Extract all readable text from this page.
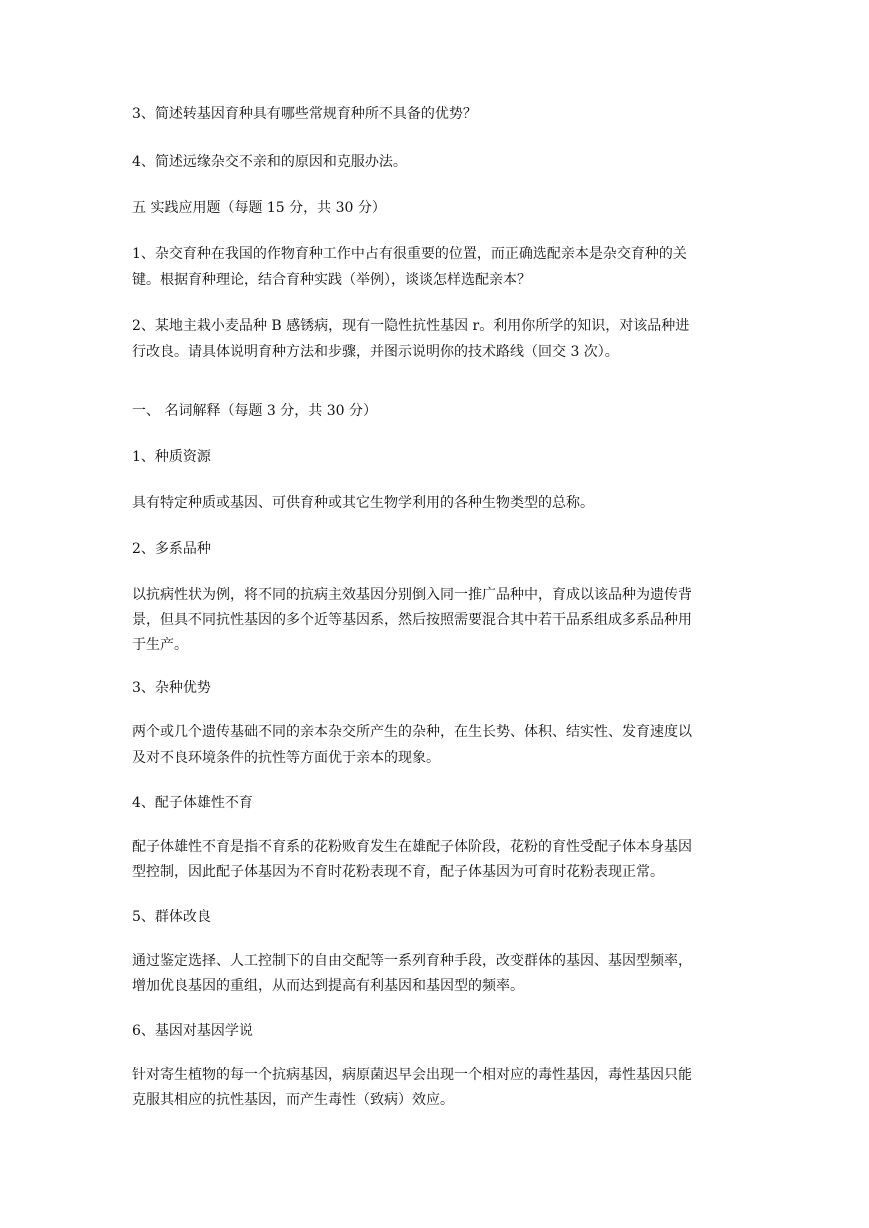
3、简述转基因育种具有哪些常规育种所不具备的优势？

4、简述远缘杂交不亲和的原因和克服办法。

五 实践应用题（每题 15 分，共 30 分）

1、杂交育种在我国的作物育种工作中占有很重要的位置，而正确选配亲本是杂交育种的关

键。根据育种理论，结合育种实践（举例），谈谈怎样选配亲本？

2、某地主栽小麦品种 B 感锈病，现有一隐性抗性基因 r。利用你所学的知识，对该品种进

行改良。请具体说明育种方法和步骤，并图示说明你的技术路线（回交 3 次）。

一、 名词解释（每题 3 分，共 30 分）

1、种质资源

具有特定种质或基因、可供育种或其它生物学利用的各种生物类型的总称。

2、多系品种

以抗病性状为例，将不同的抗病主效基因分别倒入同一推广品种中，育成以该品种为遗传背

景，但具不同抗性基因的多个近等基因系，然后按照需要混合其中若干品系组成多系品种用

于生产。

3、杂种优势

两个或几个遗传基础不同的亲本杂交所产生的杂种，在生长势、体积、结实性、发育速度以

及对不良环境条件的抗性等方面优于亲本的现象。

4、配子体雄性不育

配子体雄性不育是指不育系的花粉败育发生在雄配子体阶段，花粉的育性受配子体本身基因

型控制，因此配子体基因为不育时花粉表现不育，配子体基因为可育时花粉表现正常。

5、群体改良

通过鉴定选择、人工控制下的自由交配等一系列育种手段，改变群体的基因、基因型频率，

增加优良基因的重组，从而达到提高有利基因和基因型的频率。

6、基因对基因学说

针对寄生植物的每一个抗病基因，病原菌迟早会出现一个相对应的毒性基因，毒性基因只能

克服其相应的抗性基因，而产生毒性（致病）效应。
